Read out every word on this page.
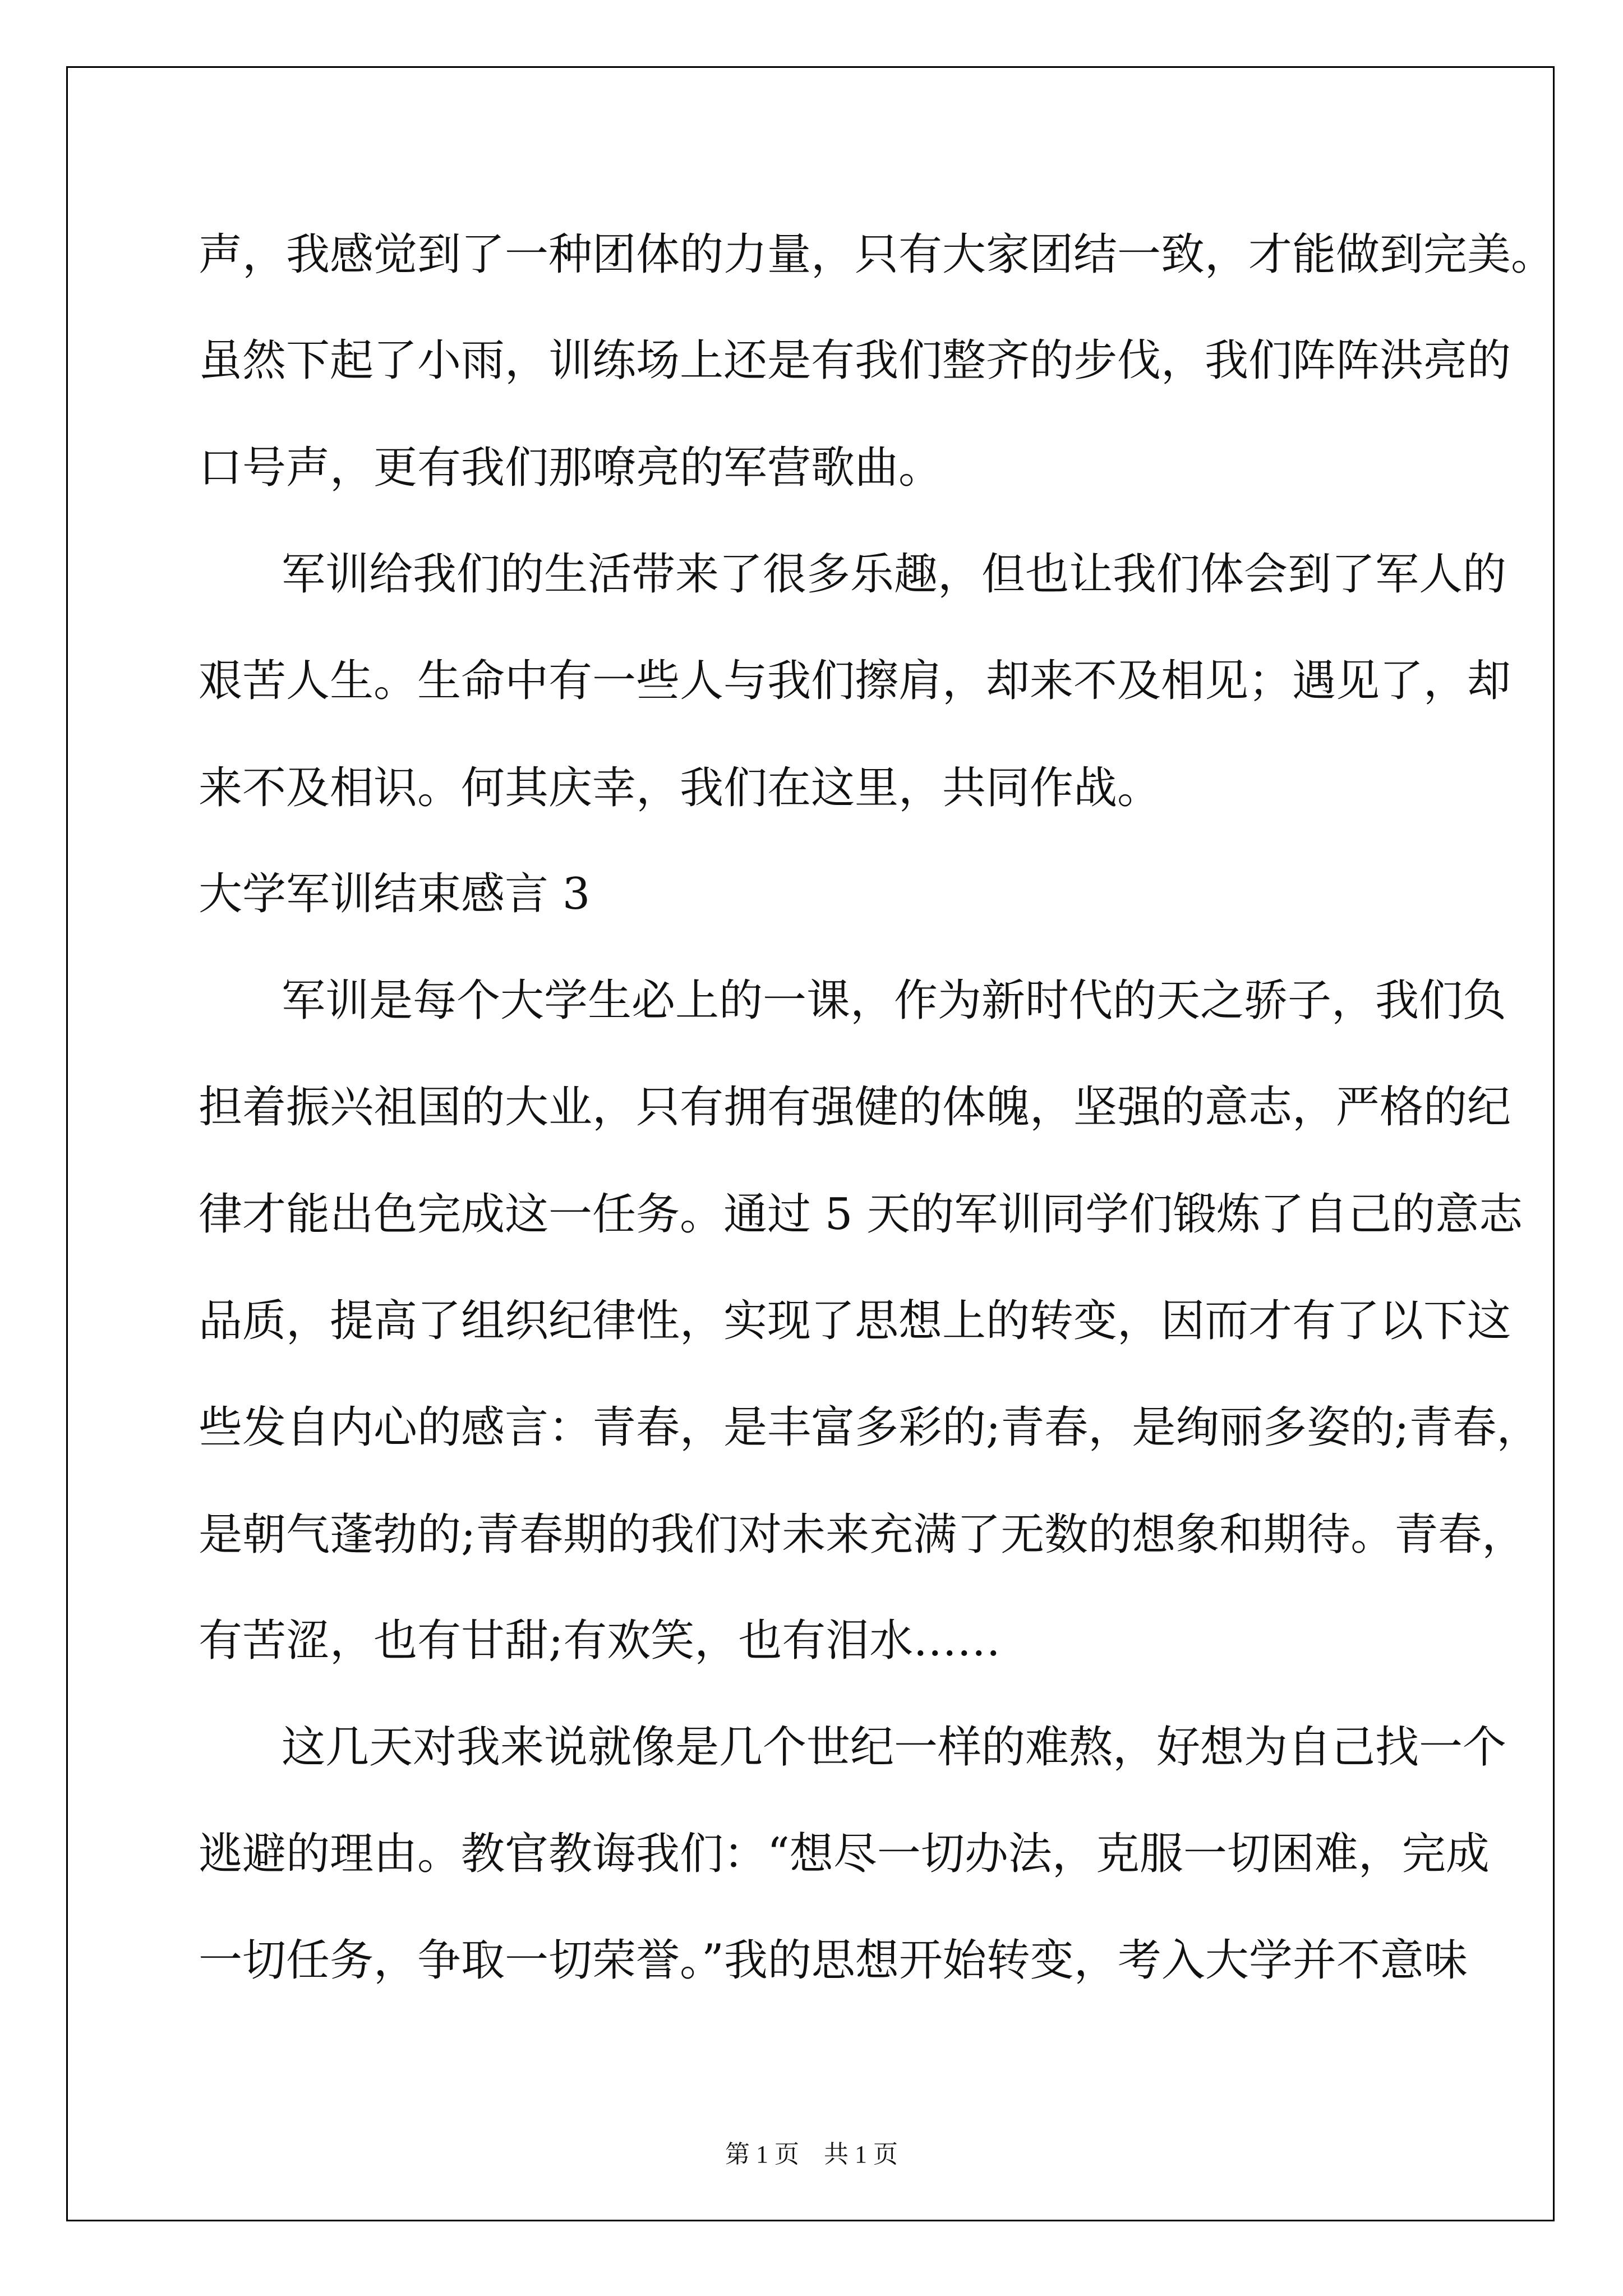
声，我感觉到了一种团体的力量，只有大家团结一致，才能做到完美。
虽然下起了小雨，训练场上还是有我们整齐的步伐，我们阵阵洪亮的
口号声，更有我们那嘹亮的军营歌曲。
军训给我们的生活带来了很多乐趣，但也让我们体会到了军人的
艰苦人生。生命中有一些人与我们擦肩，却来不及相见；遇见了，却
来不及相识。何其庆幸，我们在这里，共同作战。
大学军训结束感言 3
军训是每个大学生必上的一课，作为新时代的天之骄子，我们负
担着振兴祖国的大业，只有拥有强健的体魄，坚强的意志，严格的纪
律才能出色完成这一任务。通过 5 天的军训同学们锻炼了自己的意志
品质，提高了组织纪律性，实现了思想上的转变，因而才有了以下这
些发自内心的感言：青春，是丰富多彩的;青春，是绚丽多姿的;青春，
是朝气蓬勃的;青春期的我们对未来充满了无数的想象和期待。青春，
有苦涩，也有甘甜;有欢笑，也有泪水……
这几天对我来说就像是几个世纪一样的难熬，好想为自己找一个
逃避的理由。教官教诲我们：“想尽一切办法，克服一切困难，完成
一切任务，争取一切荣誉。”我的思想开始转变，考入大学并不意味
第 1 页　共 1 页
